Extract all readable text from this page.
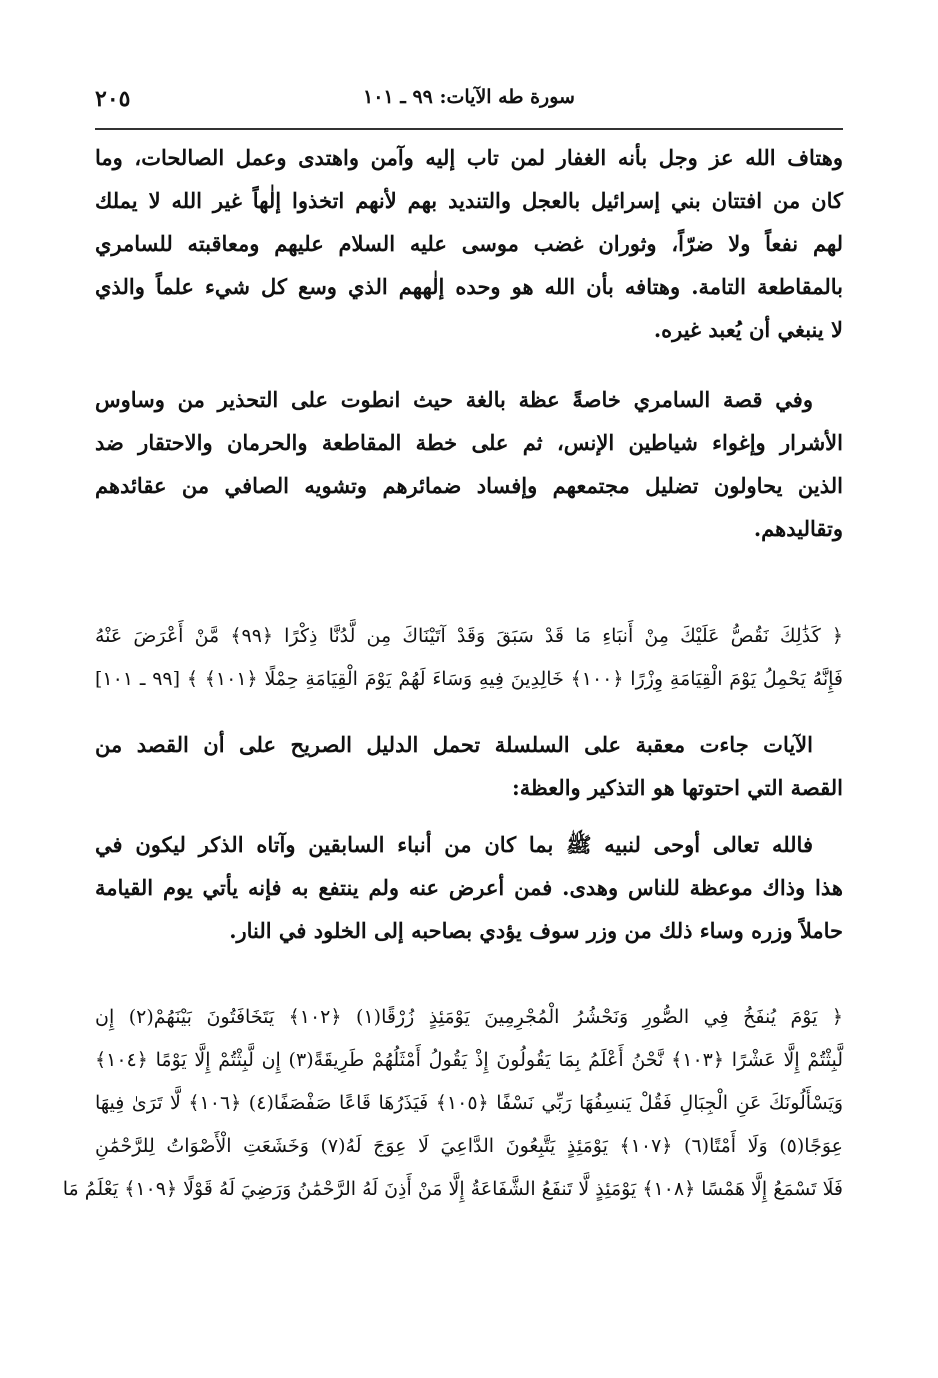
٢٠٥	سورة طه الآيات: ٩٩ ـ ١٠١
وهتاف الله عز وجل بأنه الغفار لمن تاب إليه وآمن واهتدى وعمل الصالحات، وما
كان من افتتان بني إسرائيل بالعجل والتنديد بهم لأنهم اتخذوا إلٰهاً غير الله لا يملك
لهم نفعاً ولا ضرّاً، وثوران غضب موسى عليه السلام عليهم ومعاقبته للسامري
بالمقاطعة التامة. وهتافه بأن الله هو وحده إلٰههم الذي وسع كل شيء علماً والذي
لا ينبغي أن يُعبد غيره.
وفي قصة السامري خاصةً عظة بالغة حيث انطوت على التحذير من وساوس
الأشرار وإغواء شياطين الإنس، ثم على خطة المقاطعة والحرمان والاحتقار ضد
الذين يحاولون تضليل مجتمعهم وإفساد ضمائرهم وتشويه الصافي من عقائدهم
وتقاليدهم.
﴿ كَذَٰلِكَ نَقُصُّ عَلَيْكَ مِنْ أَنبَاءِ مَا قَدْ سَبَقَ وَقَدْ آتَيْنَاكَ مِن لَّدُنَّا ذِكْرًا ﴿٩٩﴾ مَّنْ أَعْرَضَ عَنْهُ
فَإِنَّهُ يَحْمِلُ يَوْمَ الْقِيَامَةِ وِزْرًا ﴿١٠٠﴾ خَالِدِينَ فِيهِ وَسَاءَ لَهُمْ يَوْمَ الْقِيَامَةِ حِمْلًا ﴿١٠١﴾ ﴾ [٩٩ ـ ١٠١]
الآيات جاءت معقبة على السلسلة تحمل الدليل الصريح على أن القصد من
القصة التي احتوتها هو التذكير والعظة:
فالله تعالى أوحى لنبيه ﷺ بما كان من أنباء السابقين وآتاه الذكر ليكون في
هذا وذاك موعظة للناس وهدى. فمن أعرض عنه ولم ينتفع به فإنه يأتي يوم القيامة
حاملاً وزره وساء ذلك من وزر سوف يؤدي بصاحبه إلى الخلود في النار.
﴿ يَوْمَ يُنفَخُ فِي الصُّورِ وَنَحْشُرُ الْمُجْرِمِينَ يَوْمَئِذٍ زُرْقًا(١) ﴿١٠٢﴾ يَتَخَافَتُونَ بَيْنَهُمْ(٢) إِن
لَّبِثْتُمْ إِلَّا عَشْرًا ﴿١٠٣﴾ نَّحْنُ أَعْلَمُ بِمَا يَقُولُونَ إِذْ يَقُولُ أَمْثَلُهُمْ طَرِيقَةً(٣) إِن لَّبِثْتُمْ إِلَّا يَوْمًا ﴿١٠٤﴾
وَيَسْأَلُونَكَ عَنِ الْجِبَالِ فَقُلْ يَنسِفُهَا رَبِّي نَسْفًا ﴿١٠٥﴾ فَيَذَرُهَا قَاعًا صَفْصَفًا(٤) ﴿١٠٦﴾ لَّا تَرَىٰ فِيهَا
عِوَجًا(٥) وَلَا أَمْتًا(٦) ﴿١٠٧﴾ يَوْمَئِذٍ يَتَّبِعُونَ الدَّاعِيَ لَا عِوَجَ لَهُ(٧) وَخَشَعَتِ الْأَصْوَاتُ لِلرَّحْمَٰنِ
فَلَا تَسْمَعُ إِلَّا هَمْسًا ﴿١٠٨﴾ يَوْمَئِذٍ لَّا تَنفَعُ الشَّفَاعَةُ إِلَّا مَنْ أَذِنَ لَهُ الرَّحْمَٰنُ وَرَضِيَ لَهُ قَوْلًا ﴿١٠٩﴾ يَعْلَمُ مَا
